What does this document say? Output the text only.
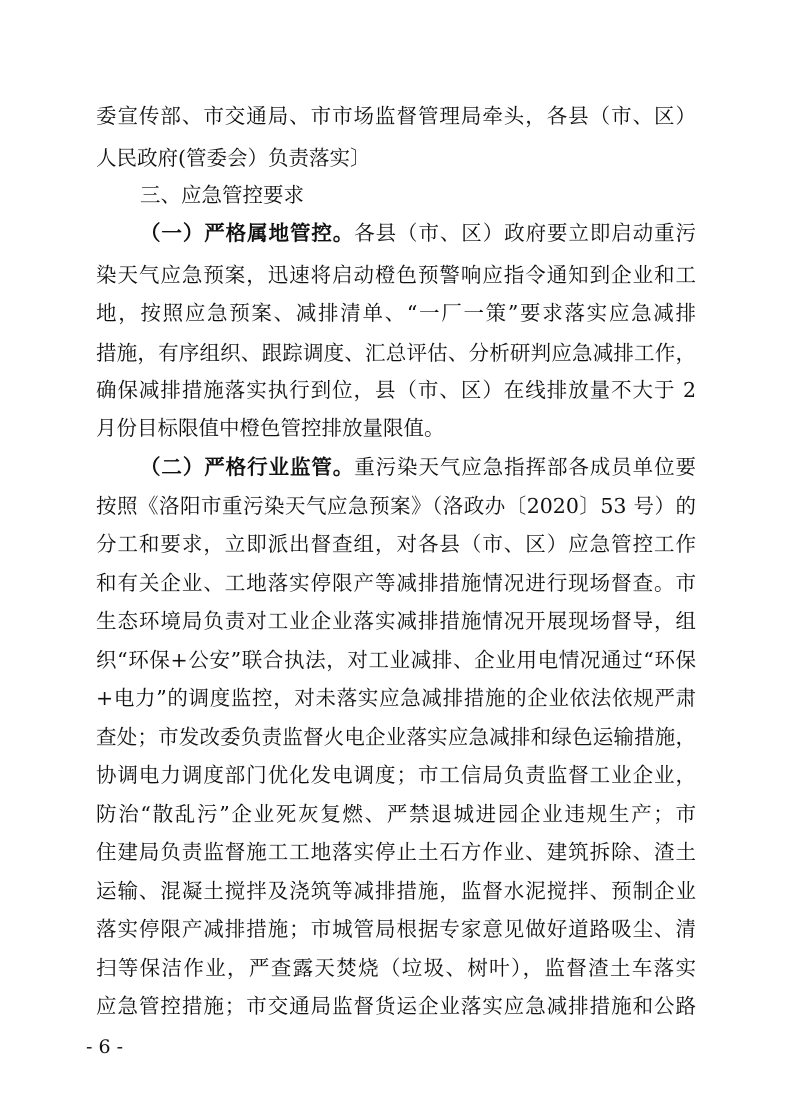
委宣传部、市交通局、市市场监督管理局牵头，各县（市、区）
人民政府(管委会）负责落实〕
三、应急管控要求
（一）严格属地管控。各县（市、区）政府要立即启动重污
染天气应急预案，迅速将启动橙色预警响应指令通知到企业和工
地，按照应急预案、减排清单、“一厂一策”要求落实应急减排
措施，有序组织、跟踪调度、汇总评估、分析研判应急减排工作，
确保减排措施落实执行到位，县（市、区）在线排放量不大于 2
月份目标限值中橙色管控排放量限值。
（二）严格行业监管。重污染天气应急指挥部各成员单位要
按照《洛阳市重污染天气应急预案》（洛政办〔2020〕53 号）的
分工和要求，立即派出督查组，对各县（市、区）应急管控工作
和有关企业、工地落实停限产等减排措施情况进行现场督查。市
生态环境局负责对工业企业落实减排措施情况开展现场督导，组
织“环保+公安”联合执法，对工业减排、企业用电情况通过“环保
+电力”的调度监控，对未落实应急减排措施的企业依法依规严肃
查处；市发改委负责监督火电企业落实应急减排和绿色运输措施，
协调电力调度部门优化发电调度；市工信局负责监督工业企业，
防治“散乱污”企业死灰复燃、严禁退城进园企业违规生产；市
住建局负责监督施工工地落实停止土石方作业、建筑拆除、渣土
运输、混凝土搅拌及浇筑等减排措施，监督水泥搅拌、预制企业
落实停限产减排措施；市城管局根据专家意见做好道路吸尘、清
扫等保洁作业，严查露天焚烧（垃圾、树叶），监督渣土车落实
应急管控措施；市交通局监督货运企业落实应急减排措施和公路
- 6 -
